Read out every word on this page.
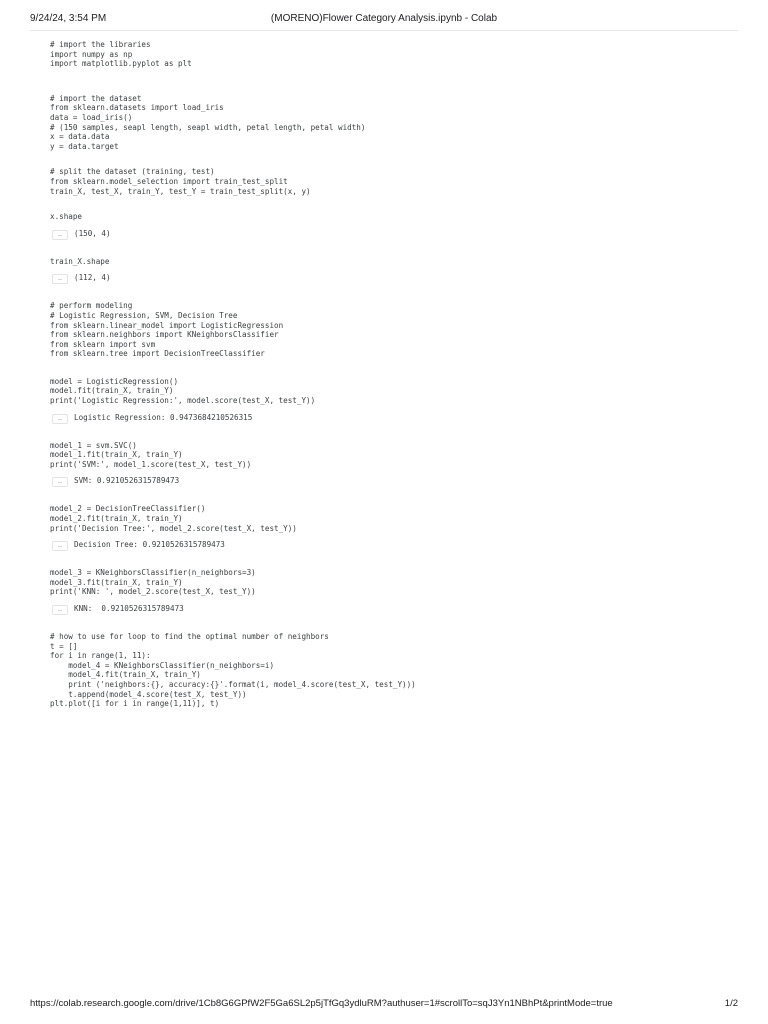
9/24/24, 3:54 PM	(MORENO)Flower Category Analysis.ipynb - Colab
# import the libraries
import numpy as np
import matplotlib.pyplot as plt
# import the dataset
from sklearn.datasets import load_iris
data = load_iris()
# (150 samples, seapl length, seapl width, petal length, petal width)
x = data.data
y = data.target
# split the dataset (training, test)
from sklearn.model_selection import train_test_split
train_X, test_X, train_Y, test_Y = train_test_split(x, y)
x.shape
…	(150, 4)
train_X.shape
…	(112, 4)
# perform modeling
# Logistic Regression, SVM, Decision Tree
from sklearn.linear_model import LogisticRegression
from sklearn.neighbors import KNeighborsClassifier
from sklearn import svm
from sklearn.tree import DecisionTreeClassifier
model = LogisticRegression()
model.fit(train_X, train_Y)
print('Logistic Regression:', model.score(test_X, test_Y))
…	Logistic Regression: 0.9473684210526315
model_1 = svm.SVC()
model_1.fit(train_X, train_Y)
print('SVM:', model_1.score(test_X, test_Y))
…	SVM: 0.9210526315789473
model_2 = DecisionTreeClassifier()
model_2.fit(train_X, train_Y)
print('Decision Tree:', model_2.score(test_X, test_Y))
…	Decision Tree: 0.9210526315789473
model_3 = KNeighborsClassifier(n_neighbors=3)
model_3.fit(train_X, train_Y)
print('KNN: ', model_2.score(test_X, test_Y))
…	KNN:  0.9210526315789473
# how to use for loop to find the optimal number of neighbors
t = []
for i in range(1, 11):
model_4 = KNeighborsClassifier(n_neighbors=i)
model_4.fit(train_X, train_Y)
print ('neighbors:{}, accuracy:{}'.format(i, model_4.score(test_X, test_Y)))
t.append(model_4.score(test_X, test_Y))
plt.plot([i for i in range(1,11)], t)
https://colab.research.google.com/drive/1Cb8G6GPfW2F5Ga6SL2p5jTfGq3ydluRM?authuser=1#scrollTo=sqJ3Yn1NBhPt&printMode=true	1/2
